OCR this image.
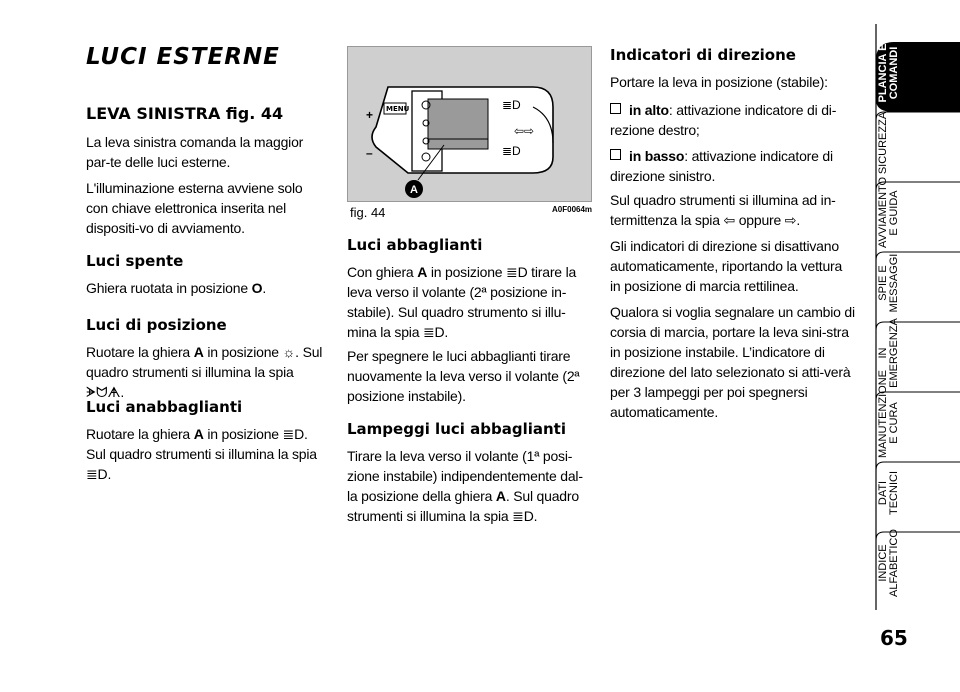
LUCI ESTERNE

LEVA SINISTRA fig. 44

La leva sinistra comanda la maggior par-te delle luci esterne.

L'illuminazione esterna avviene solo con chiave elettronica inserita nel dispositi-vo di avviamento.

Luci spente

Ghiera ruotata in posizione O.

Luci di posizione

Ruotare la ghiera A in posizione ☼. Sul quadro strumenti si illumina la spia ᗘᗢᗗ.

Luci anabbaglianti

Ruotare la ghiera A in posizione ≣D. Sul quadro strumenti si illumina la spia ≣D.

MENU
+
–
≣D
⇦⇨
≣D
A
fig. 44	A0F0064m

Luci abbaglianti

Con ghiera A in posizione ≣D tirare la leva verso il volante (2ª posizione in-stabile). Sul quadro strumento si illu-mina la spia ≣D.

Per spegnere le luci abbaglianti tirare nuovamente la leva verso il volante (2ª posizione instabile).

Lampeggi luci abbaglianti

Tirare la leva verso il volante (1ª posi-zione instabile) indipendentemente dal-la posizione della ghiera A. Sul quadro strumenti si illumina la spia ≣D.

Indicatori di direzione

Portare la leva in posizione (stabile):

in alto: attivazione indicatore di di-rezione destro;

in basso: attivazione indicatore di direzione sinistro.

Sul quadro strumenti si illumina ad in-termittenza la spia ⇦ oppure ⇨.

Gli indicatori di direzione si disattivano automaticamente, riportando la vettura in posizione di marcia rettilinea.

Qualora si voglia segnalare un cambio di corsia di marcia, portare la leva sini-stra in posizione instabile. L’indicatore di direzione del lato selezionato si atti-verà per 3 lampeggi per poi spegnersi automaticamente.

PLANCIA E COMANDI
SICUREZZA
AVVIAMENTO E GUIDA
SPIE E MESSAGGI
IN EMERGENZA
MANUTENZIONE E CURA
DATI TECNICI
INDICE ALFABETICO
65
